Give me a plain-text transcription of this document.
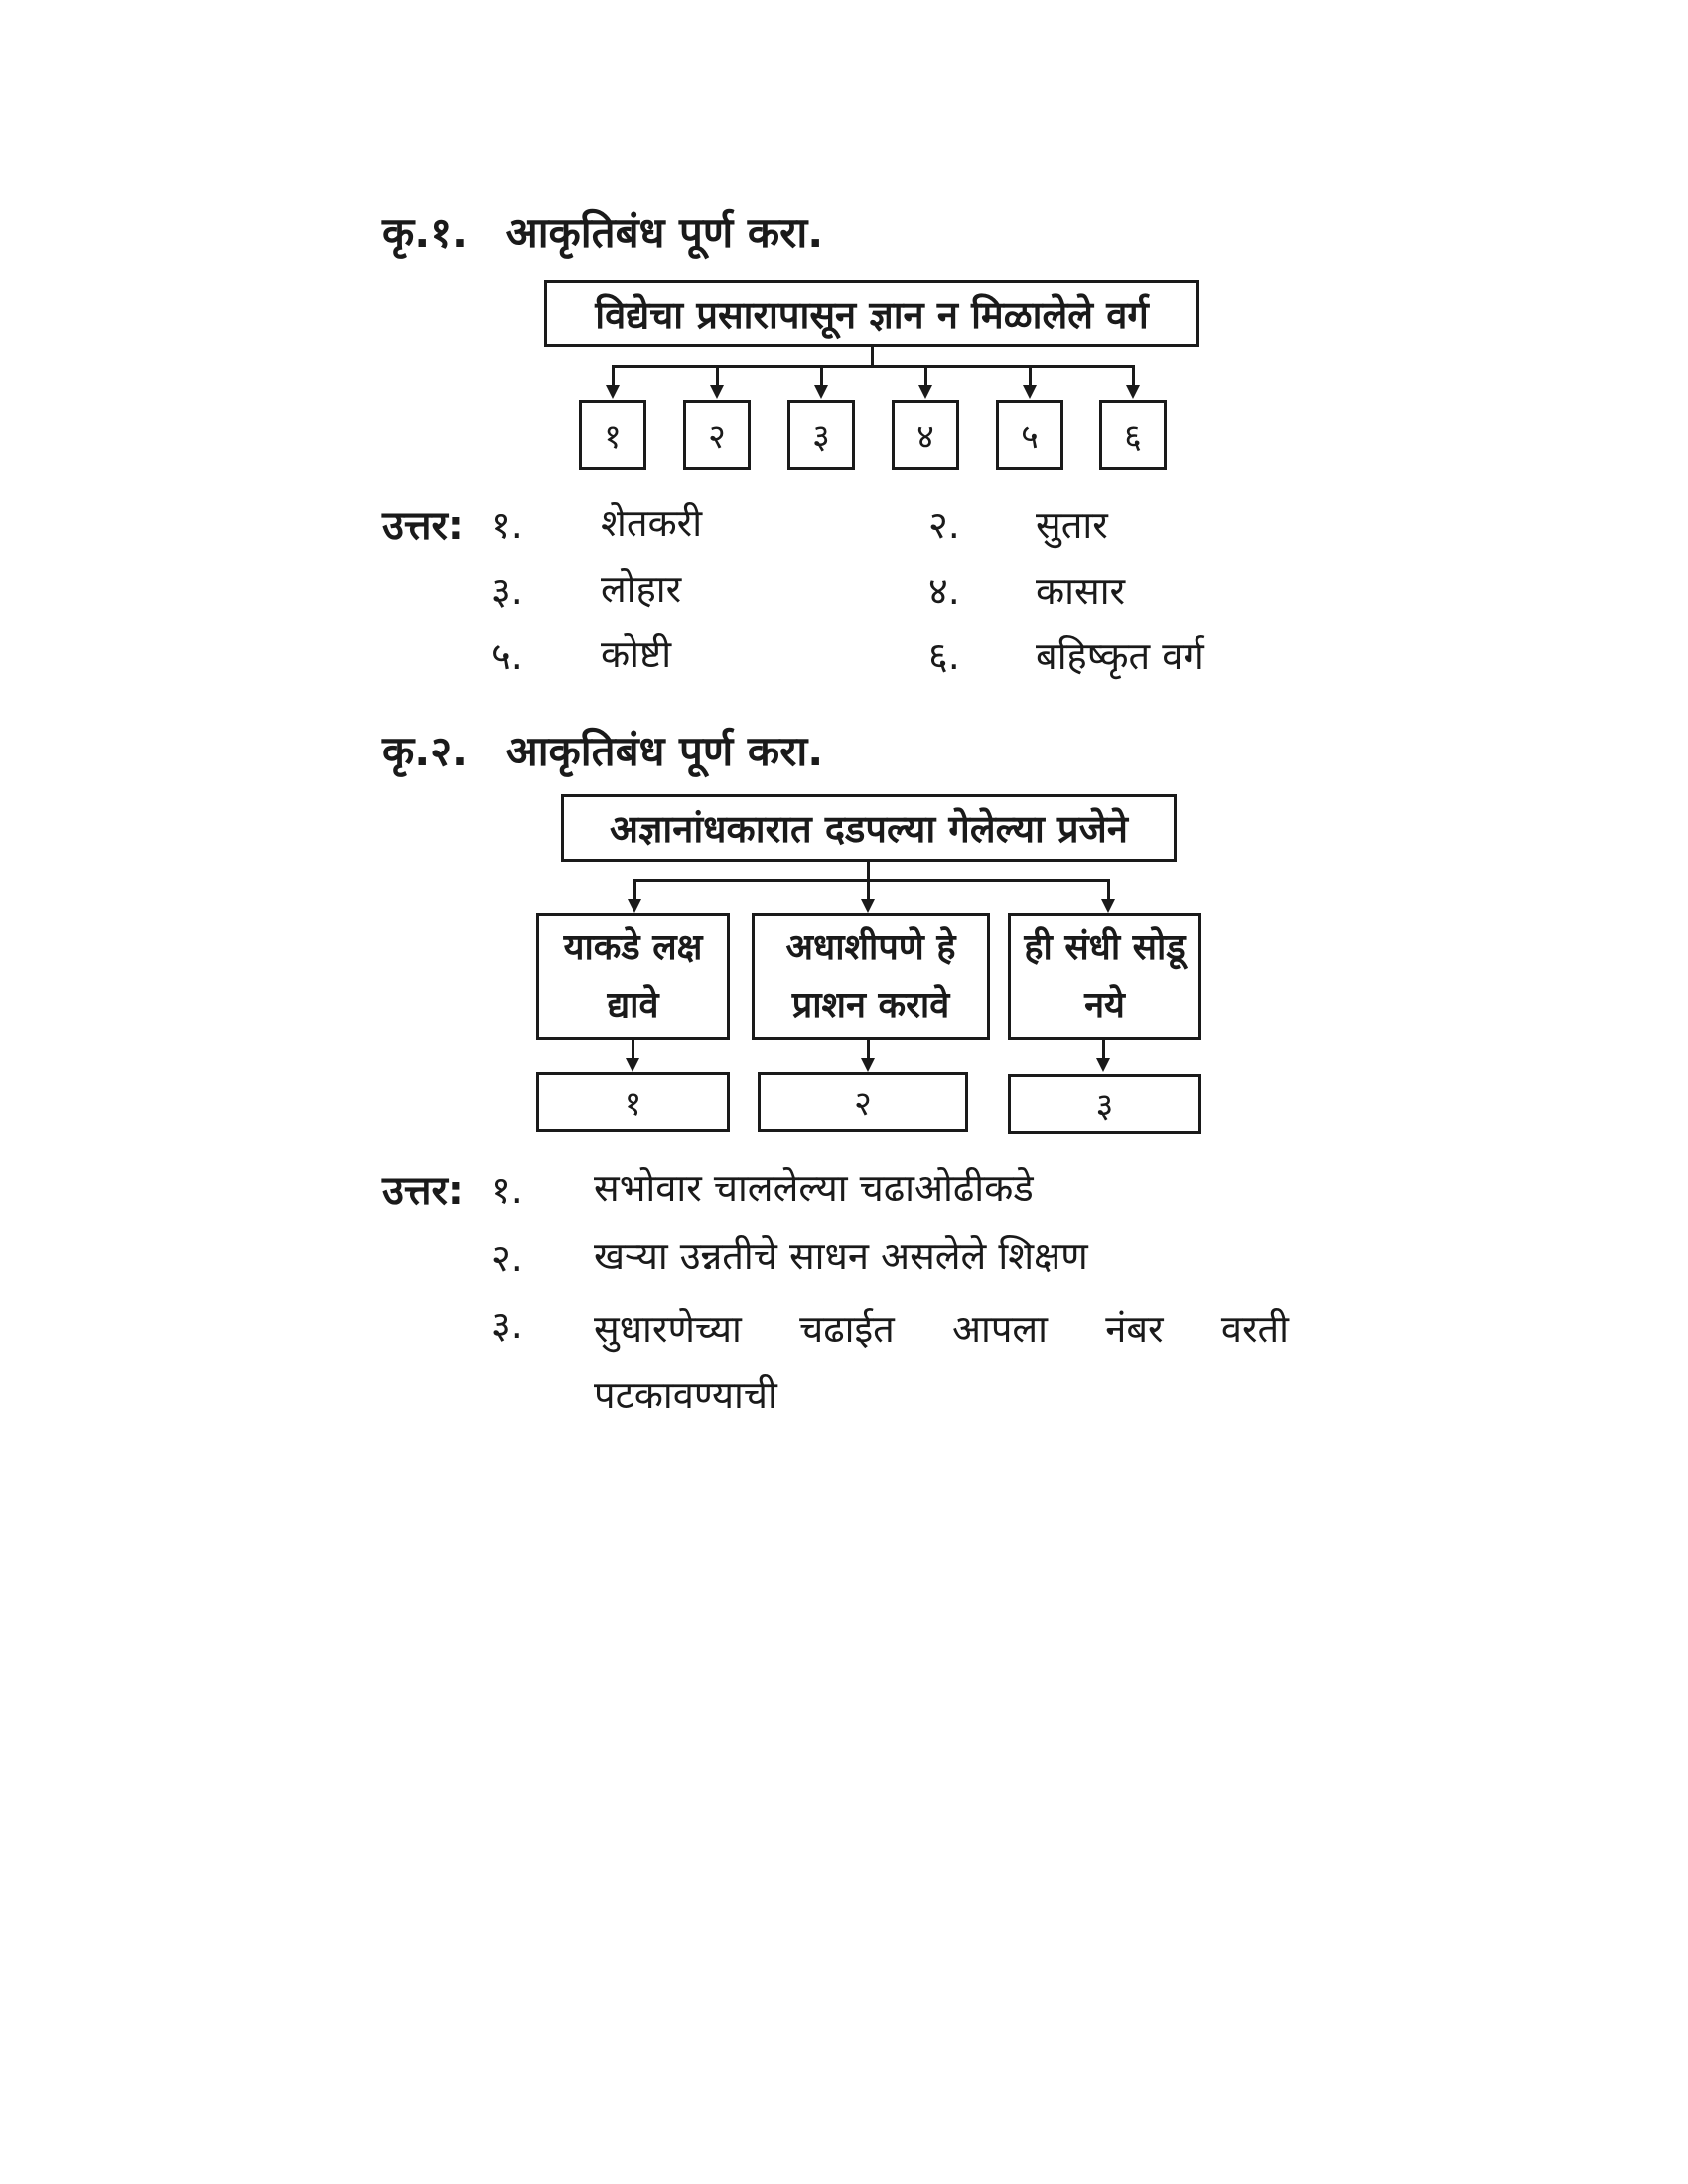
कृ.१. आकृतिबंध पूर्ण करा.
विद्येचा प्रसारापासून ज्ञान न मिळालेले वर्ग
१	२	३	४	५	६
उत्तर: १. शेतकरी	२. सुतार
३. लोहार	४. कासार
५. कोष्टी	६. बहिष्कृत वर्ग
कृ.२. आकृतिबंध पूर्ण करा.
अज्ञानांधकारात दडपल्या गेलेल्या प्रजेने
याकडे लक्ष द्यावे
अधाशीपणे हे प्राशन करावे
ही संधी सोडू नये
१	२	३
उत्तर: १. सभोवार चाललेल्या चढाओढीकडे
२. खऱ्या उन्नतीचे साधन असलेले शिक्षण
३. सुधारणेच्या चढाईत आपला नंबर वरती पटकावण्याची
